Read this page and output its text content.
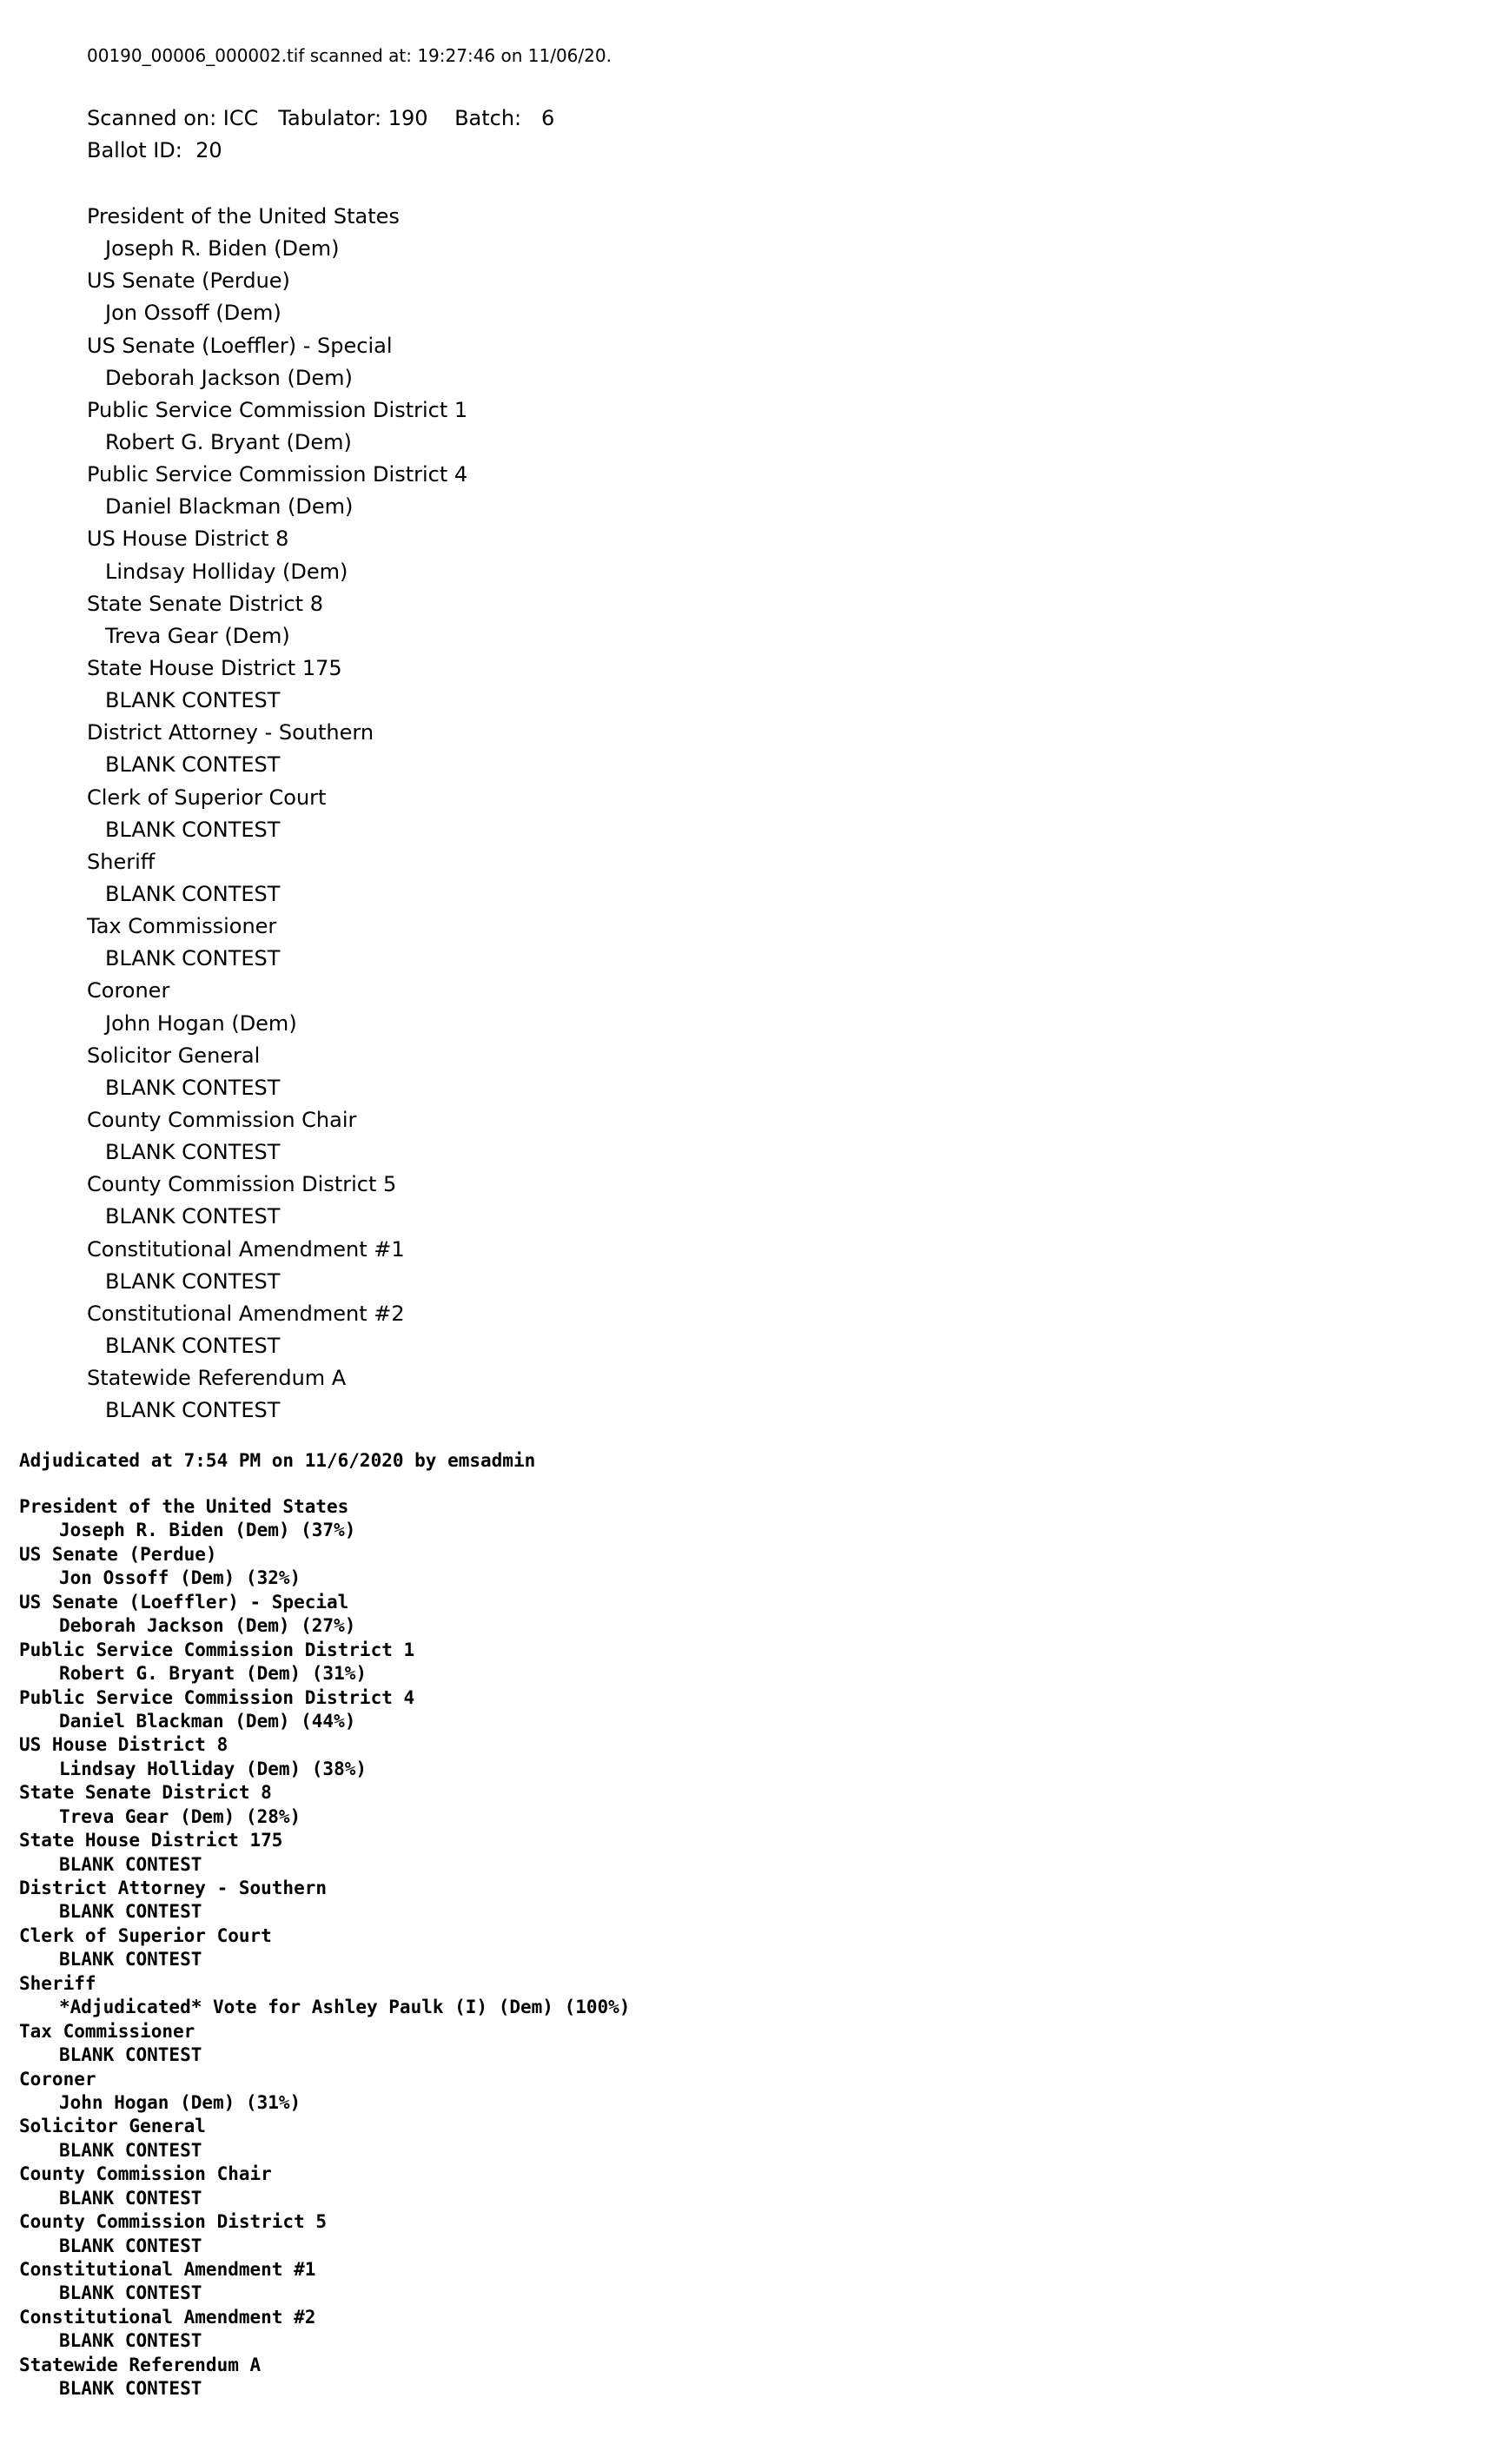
00190_00006_000002.tif scanned at: 19:27:46 on 11/06/20.
Scanned on: ICC   Tabulator: 190    Batch:   6
Ballot ID:  20
President of the United States
Joseph R. Biden (Dem)
US Senate (Perdue)
Jon Ossoff (Dem)
US Senate (Loeffler) - Special
Deborah Jackson (Dem)
Public Service Commission District 1
Robert G. Bryant (Dem)
Public Service Commission District 4
Daniel Blackman (Dem)
US House District 8
Lindsay Holliday (Dem)
State Senate District 8
Treva Gear (Dem)
State House District 175
BLANK CONTEST
District Attorney - Southern
BLANK CONTEST
Clerk of Superior Court
BLANK CONTEST
Sheriff
BLANK CONTEST
Tax Commissioner
BLANK CONTEST
Coroner
John Hogan (Dem)
Solicitor General
BLANK CONTEST
County Commission Chair
BLANK CONTEST
County Commission District 5
BLANK CONTEST
Constitutional Amendment #1
BLANK CONTEST
Constitutional Amendment #2
BLANK CONTEST
Statewide Referendum A
BLANK CONTEST
Adjudicated at 7:54 PM on 11/6/2020 by emsadmin
President of the United States
Joseph R. Biden (Dem) (37%)
US Senate (Perdue)
Jon Ossoff (Dem) (32%)
US Senate (Loeffler) - Special
Deborah Jackson (Dem) (27%)
Public Service Commission District 1
Robert G. Bryant (Dem) (31%)
Public Service Commission District 4
Daniel Blackman (Dem) (44%)
US House District 8
Lindsay Holliday (Dem) (38%)
State Senate District 8
Treva Gear (Dem) (28%)
State House District 175
BLANK CONTEST
District Attorney - Southern
BLANK CONTEST
Clerk of Superior Court
BLANK CONTEST
Sheriff
*Adjudicated* Vote for Ashley Paulk (I) (Dem) (100%)
Tax Commissioner
BLANK CONTEST
Coroner
John Hogan (Dem) (31%)
Solicitor General
BLANK CONTEST
County Commission Chair
BLANK CONTEST
County Commission District 5
BLANK CONTEST
Constitutional Amendment #1
BLANK CONTEST
Constitutional Amendment #2
BLANK CONTEST
Statewide Referendum A
BLANK CONTEST
